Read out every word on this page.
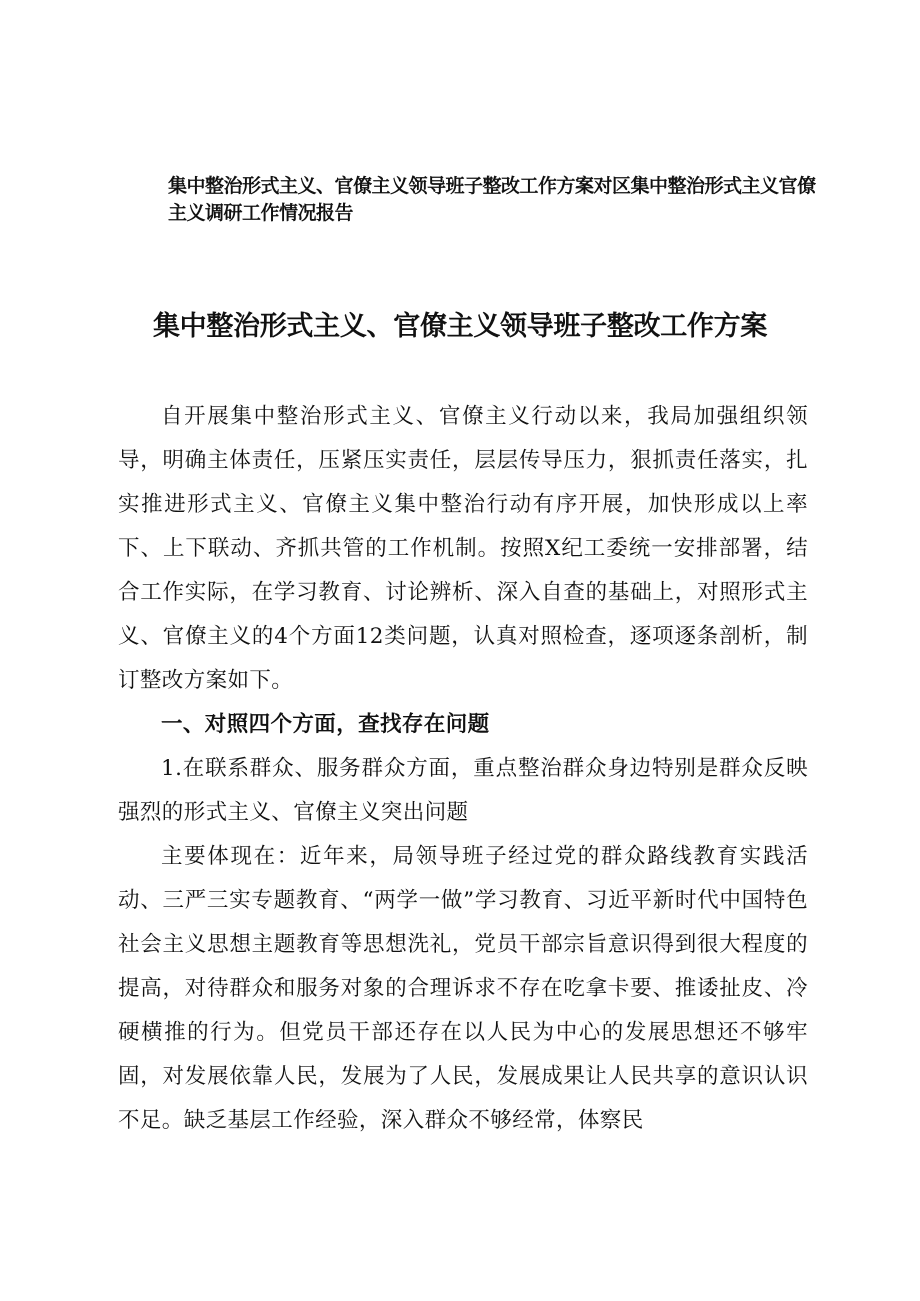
集中整治形式主义、官僚主义领导班子整改工作方案对区集中整治形式主义官僚主义调研工作情况报告
集中整治形式主义、官僚主义领导班子整改工作方案

自开展集中整治形式主义、官僚主义行动以来，我局加强组织领导，明确主体责任，压紧压实责任，层层传导压力，狠抓责任落实，扎实推进形式主义、官僚主义集中整治行动有序开展，加快形成以上率下、上下联动、齐抓共管的工作机制。按照X纪工委统一安排部署，结合工作实际，在学习教育、讨论辨析、深入自查的基础上，对照形式主义、官僚主义的4个方面12类问题，认真对照检查，逐项逐条剖析，制订整改方案如下。

一、对照四个方面，查找存在问题

1.在联系群众、服务群众方面，重点整治群众身边特别是群众反映强烈的形式主义、官僚主义突出问题

主要体现在：近年来，局领导班子经过党的群众路线教育实践活动、三严三实专题教育、“两学一做”学习教育、习近平新时代中国特色社会主义思想主题教育等思想洗礼，党员干部宗旨意识得到很大程度的提高，对待群众和服务对象的合理诉求不存在吃拿卡要、推诿扯皮、冷硬横推的行为。但党员干部还存在以人民为中心的发展思想还不够牢固，对发展依靠人民，发展为了人民，发展成果让人民共享的意识认识不足。缺乏基层工作经验，深入群众不够经常，体察民
